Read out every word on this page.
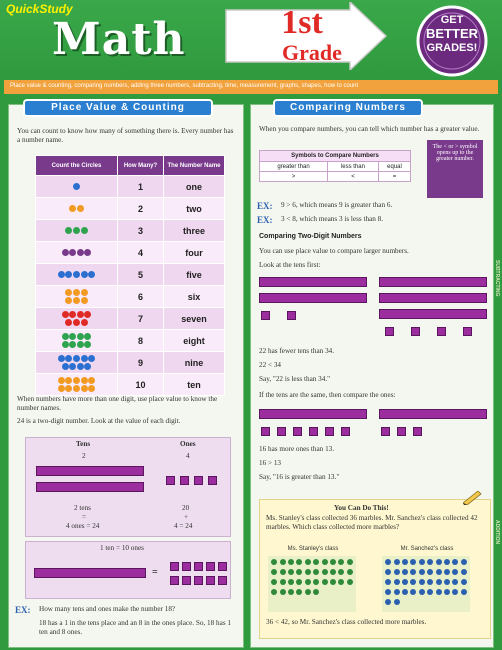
QuickStudy
Math	1st
Grade
GET
BETTER
GRADES!
Place value & counting, comparing numbers, adding three numbers, subtracting, time, measurement, graphs, shapes, how to count
Place Value & Counting
You can count to know how many of something there is. Every number has a number name.
Count the Circles	How Many?	The Number Name
	1	one
	2	two
	3	three
	4	four
	5	five

	6	six

	7	seven

	8	eight

	9	nine

	10	ten
When numbers have more than one digit, use place value to know the number names.
24 is a two-digit number. Look at the value of each digit.
Tens	Ones
2	4
2 tens
=
4 ones = 24
20
+
4 = 24
1 ten = 10 ones
=
EX: How many tens and ones make the number 18?
18 has a 1 in the tens place and an 8 in the ones place. So, 18 has 1 ten and 8 ones.
Comparing Numbers
When you compare numbers, you can tell which number has a greater value.
Symbols to Compare Numbers		
greater than	less than	equal
>	<	=
The < or > symbol opens up to the greater number.
EX: 9 > 6, which means 9 is greater than 6.
EX: 3 < 8, which means 3 is less than 8.
Comparing Two-Digit Numbers
You can use place value to compare larger numbers.
Look at the tens first:
22 has fewer tens than 34.
22 < 34
Say, "22 is less than 34."
If the tens are the same, then compare the ones:
16 has more ones than 13.
16 > 13
Say, "16 is greater than 13."
You Can Do This!
Ms. Stanley's class collected 36 marbles. Mr. Sanchez's class collected 42 marbles. Which class collected more marbles?
Ms. Stanley's class	Mr. Sanchez's class
36 < 42, so Mr. Sanchez's class collected more marbles.
SUBTRACTING
ADDITION
